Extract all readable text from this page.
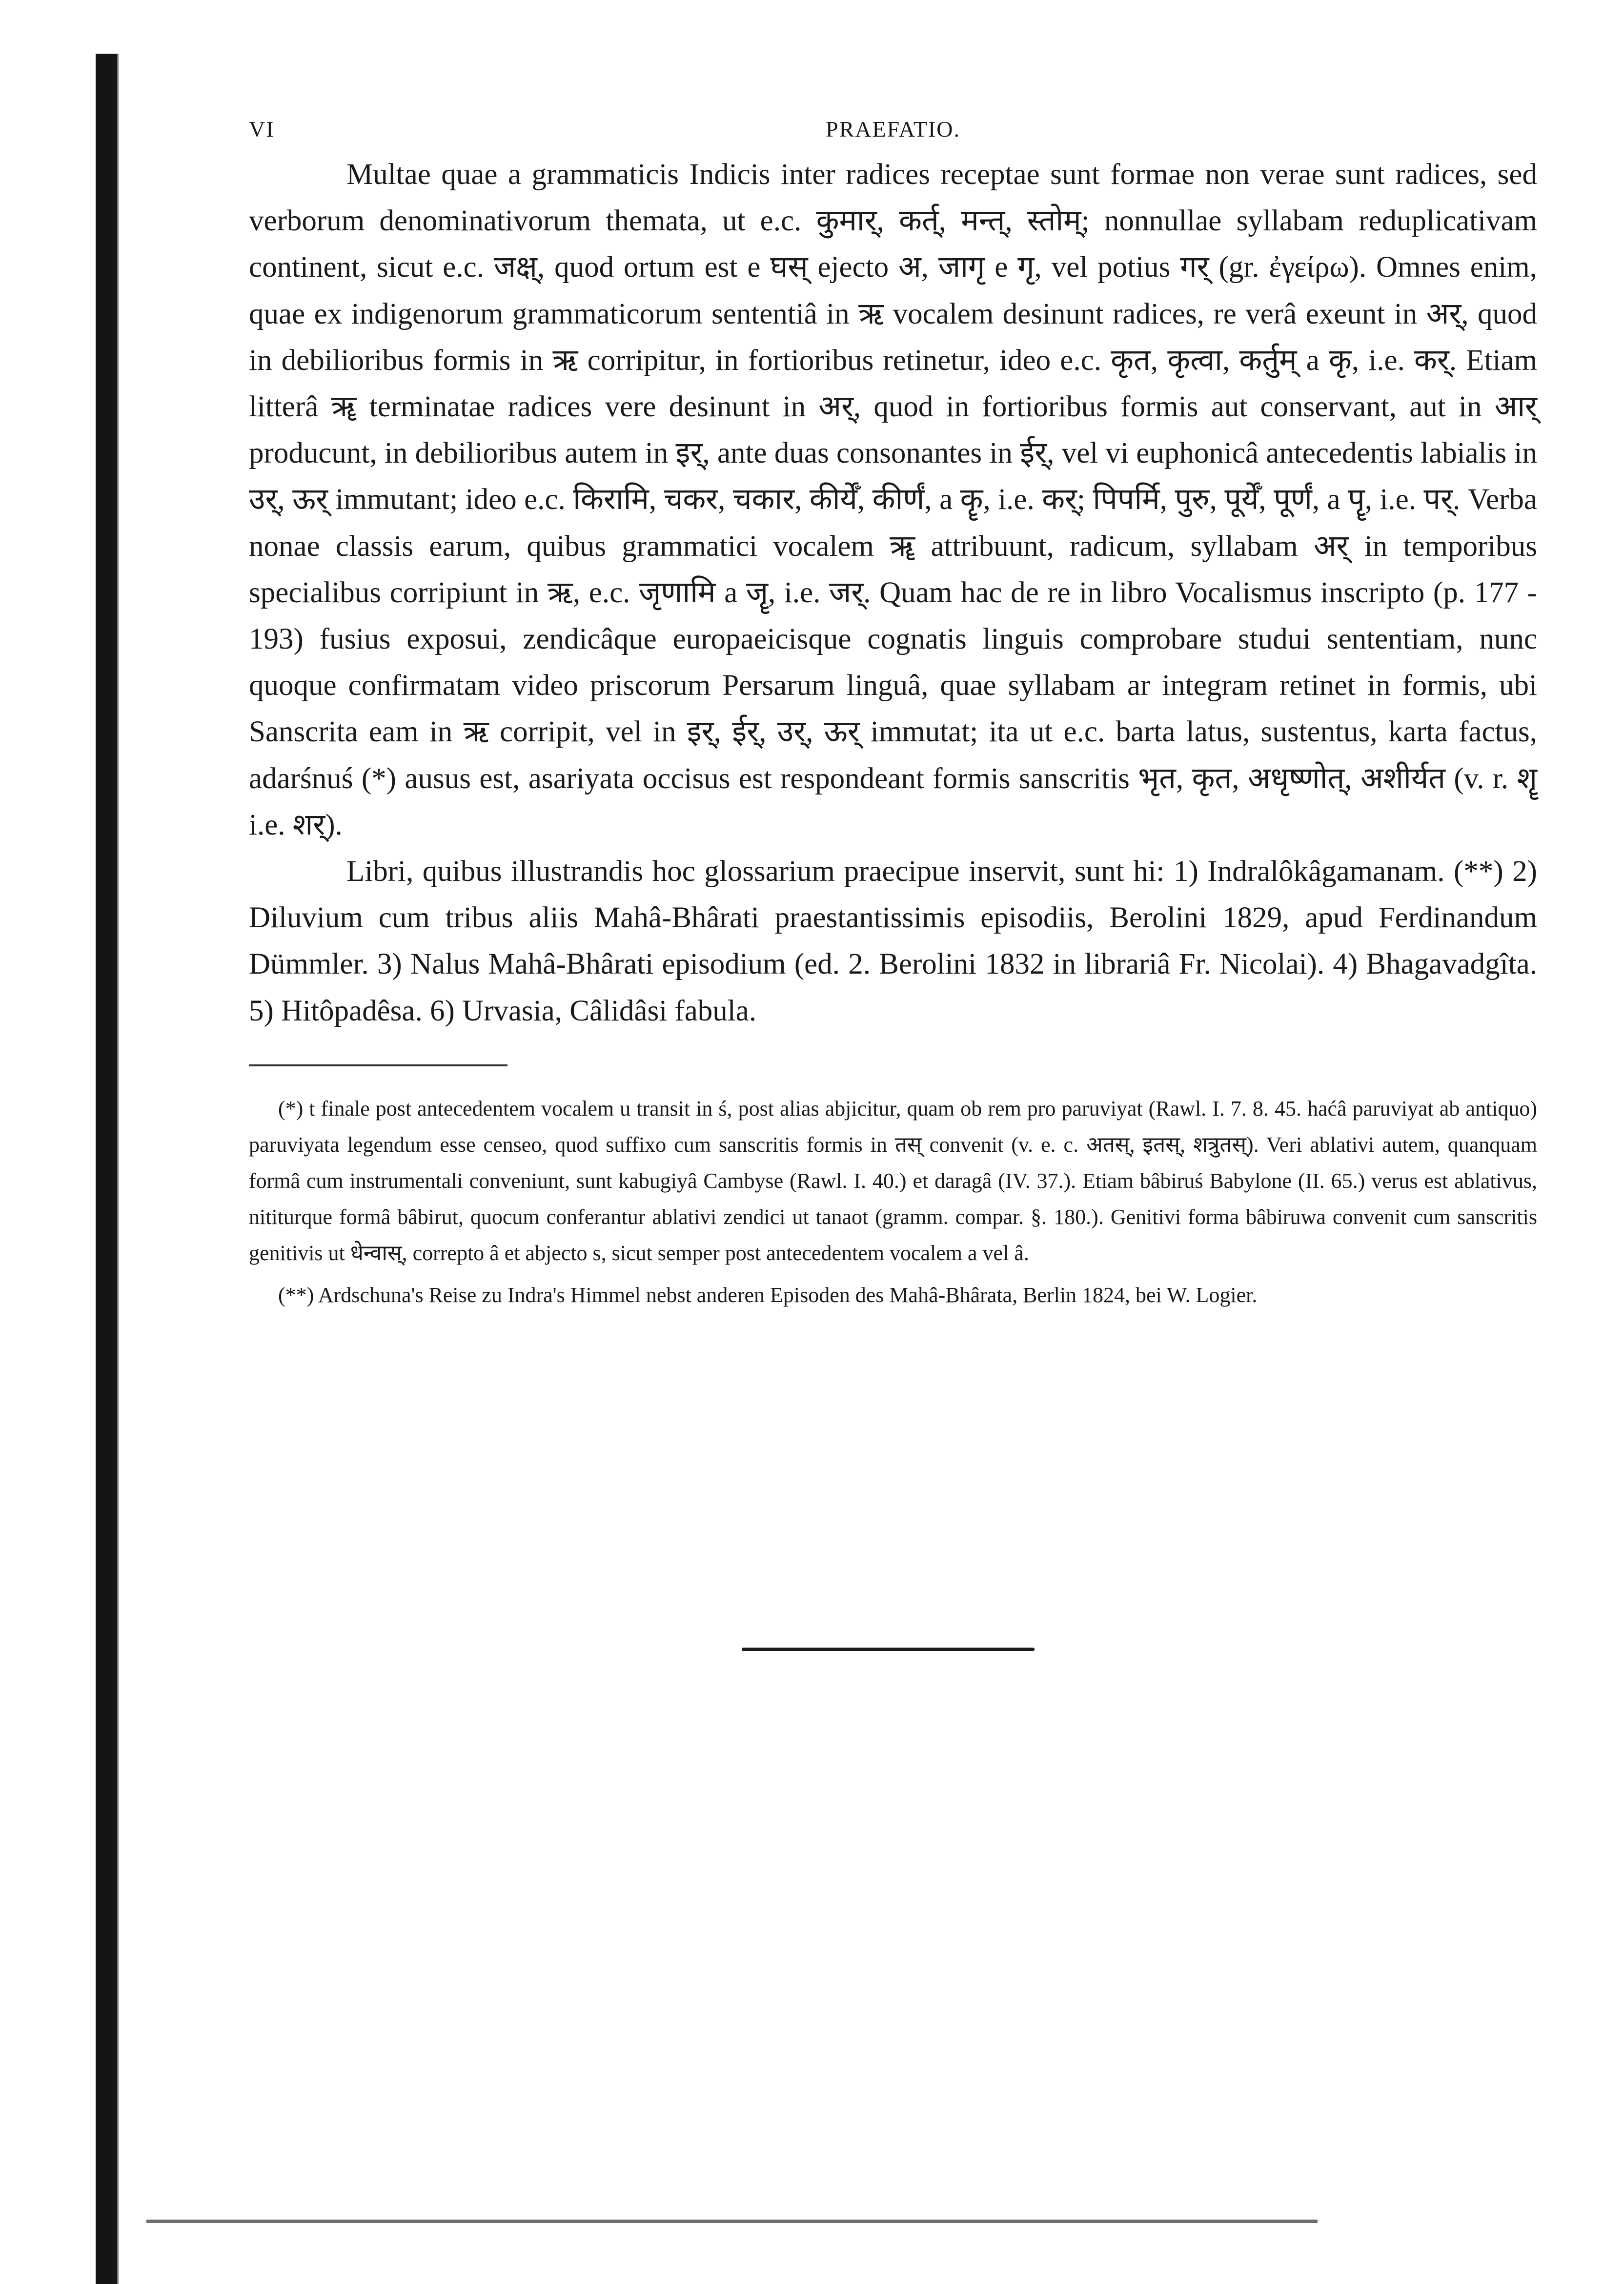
VI	PRAEFATIO.

Multae quae a grammaticis Indicis inter radices receptae sunt formae non verae sunt radices, sed verborum denominativorum themata, ut e.c. कुमार्, कर्त्, मन्त्, स्तोम्; nonnullae syllabam reduplicativam continent, sicut e.c. जक्ष्, quod ortum est e घस् ejecto अ, जागृ e गृ, vel potius गर् (gr. ἐγείρω). Omnes enim, quae ex indigenorum grammaticorum sententiâ in ऋ vocalem desinunt radices, re verâ exeunt in अर्, quod in debilioribus formis in ऋ corripitur, in fortioribus retinetur, ideo e.c. कृत, कृत्वा, कर्तुम् a कृ, i.e. कर्. Etiam litterâ ॠ terminatae radices vere desinunt in अर्, quod in fortioribus formis aut conservant, aut in आर् producunt, in debilioribus autem in इर्, ante duas consonantes in ईर्, vel vi euphonicâ antecedentis labialis in उर्, ऊर् immutant; ideo e.c. किरामि, चकर, चकार, कीर्येँ, कीर्णं, a कॄ, i.e. कर्; पिपर्मि, पुरु, पूर्येँ, पूर्णं, a पॄ, i.e. पर्. Verba nonae classis earum, quibus grammatici vocalem ॠ attribuunt, radicum, syllabam अर् in temporibus specialibus corripiunt in ऋ, e.c. जृणामि a जॄ, i.e. जर्. Quam hac de re in libro Vocalismus inscripto (p. 177 - 193) fusius exposui, zendicâque europaeicisque cognatis linguis comprobare studui sententiam, nunc quoque confirmatam video priscorum Persarum linguâ, quae syllabam ar integram retinet in formis, ubi Sanscrita eam in ऋ corripit, vel in इर्, ईर्, उर्, ऊर् immutat; ita ut e.c. barta latus, sustentus, karta factus, adarśnuś (*) ausus est, asariyata occisus est respondeant formis sanscritis भृत, कृत, अधृष्णोत्, अशीर्यत (v. r. शॄ i.e. शर्).

Libri, quibus illustrandis hoc glossarium praecipue inservit, sunt hi: 1) Indralôkâgamanam. (**) 2) Diluvium cum tribus aliis Mahâ-Bhârati praestantissimis episodiis, Berolini 1829, apud Ferdinandum Dümmler. 3) Nalus Mahâ-Bhârati episodium (ed. 2. Berolini 1832 in librariâ Fr. Nicolai). 4) Bhagavadgîta. 5) Hitôpadêsa. 6) Urvasia, Câlidâsi fabula.

(*) t finale post antecedentem vocalem u transit in ś, post alias abjicitur, quam ob rem pro paruviyat (Rawl. I. 7. 8. 45. haćâ paruviyat ab antiquo) paruviyata legendum esse censeo, quod suffixo cum sanscritis formis in तस् convenit (v. e. c. अतस्, इतस्, शत्रुतस्). Veri ablativi autem, quanquam formâ cum instrumentali conveniunt, sunt kabugiyâ Cambyse (Rawl. I. 40.) et daragâ (IV. 37.). Etiam bâbiruś Babylone (II. 65.) verus est ablativus, nititurque formâ bâbirut, quocum conferantur ablativi zendici ut tanaot (gramm. compar. §. 180.). Genitivi forma bâbiruwa convenit cum sanscritis genitivis ut धेन्वास्, correpto â et abjecto s, sicut semper post antecedentem vocalem a vel â.

(**) Ardschuna's Reise zu Indra's Himmel nebst anderen Episoden des Mahâ-Bhârata, Berlin 1824, bei W. Logier.
